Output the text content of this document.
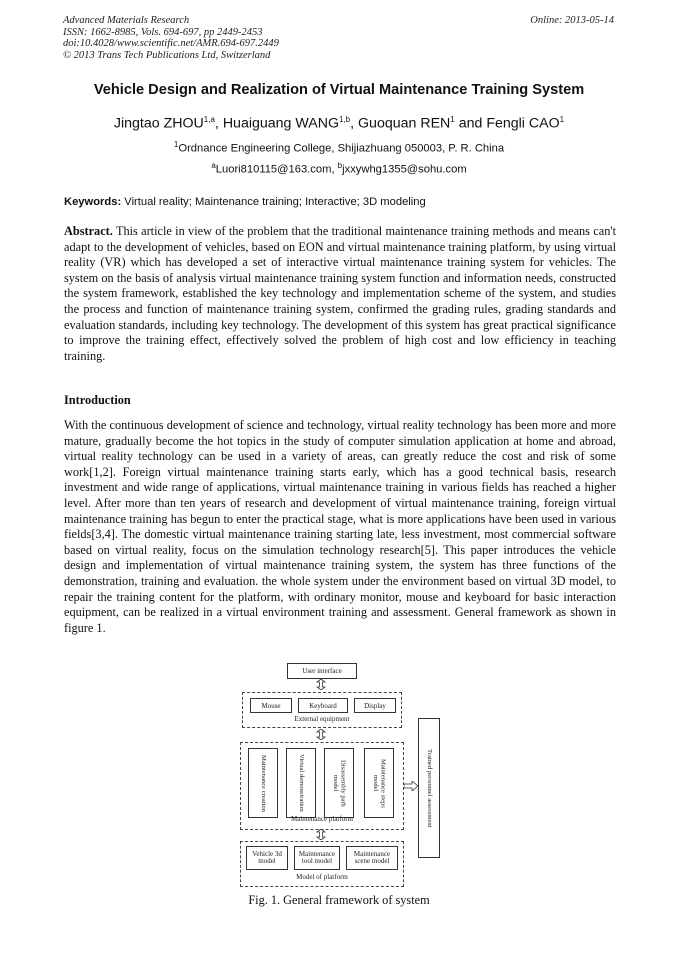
Advanced Materials Research
ISSN: 1662-8985, Vols. 694-697, pp 2449-2453
doi:10.4028/www.scientific.net/AMR.694-697.2449
© 2013 Trans Tech Publications Ltd, Switzerland
Online: 2013-05-14
Vehicle Design and Realization of Virtual Maintenance Training System
Jingtao ZHOU$^{1,a}$, Huaiguang WANG$^{1,b}$, Guoquan REN$^1$ and Fengli CAO$^1$
$^1$Ordnance Engineering College, Shijiazhuang 050003, P. R. China
$^a$Luori810115@163.com, $^b$jxxywhg1355@sohu.com
Keywords: Virtual reality; Maintenance training; Interactive; 3D modeling
Abstract. This article in view of the problem that the traditional maintenance training methods and means can't adapt to the development of vehicles, based on EON and virtual maintenance training platform, by using virtual reality (VR) which has developed a set of interactive virtual maintenance training system for vehicles. The system on the basis of analysis virtual maintenance training system function and information needs, constructed the system framework, established the key technology and implementation scheme of the system, and studies the process and function of maintenance training system, confirmed the grading rules, grading standards and evaluation standards, including key technology. The development of this system has great practical significance to improve the training effect, effectively solved the problem of high cost and low efficiency in teaching training.
Introduction
With the continuous development of science and technology, virtual reality technology has been more and more mature, gradually become the hot topics in the study of computer simulation application at home and abroad, virtual reality technology can be used in a variety of areas, can greatly reduce the cost and risk of some work[1,2]. Foreign virtual maintenance training starts early, which has a good technical basis, research investment and wide range of applications, virtual maintenance training in various fields has reached a higher level. After more than ten years of research and development of virtual maintenance training, foreign virtual maintenance training has begun to enter the practical stage, what is more applications have been used in various fields[3,4]. The domestic virtual maintenance training starting late, less investment, most commercial software based on virtual reality, focus on the simulation technology research[5]. This paper introduces the vehicle design and implementation of virtual maintenance training system, the system has three functions of the demonstration, training and evaluation. the whole system under the environment based on virtual 3D model, to repair the training content for the platform, with ordinary monitor, mouse and keyboard for basic interaction equipment, can be realized in a virtual environment training and assessment. General framework as shown in figure 1.
User interface
Mouse	Keyboard	Display
External equipment
Maintenance creation	Virtual demonstration	Disassembly path model	Maintenance steps model
Maintenance platform
Vehicle 3d model
Maintenance tool model
Maintenance scene model
Model of platform
Trained personnel assessment
Fig. 1. General framework of system
